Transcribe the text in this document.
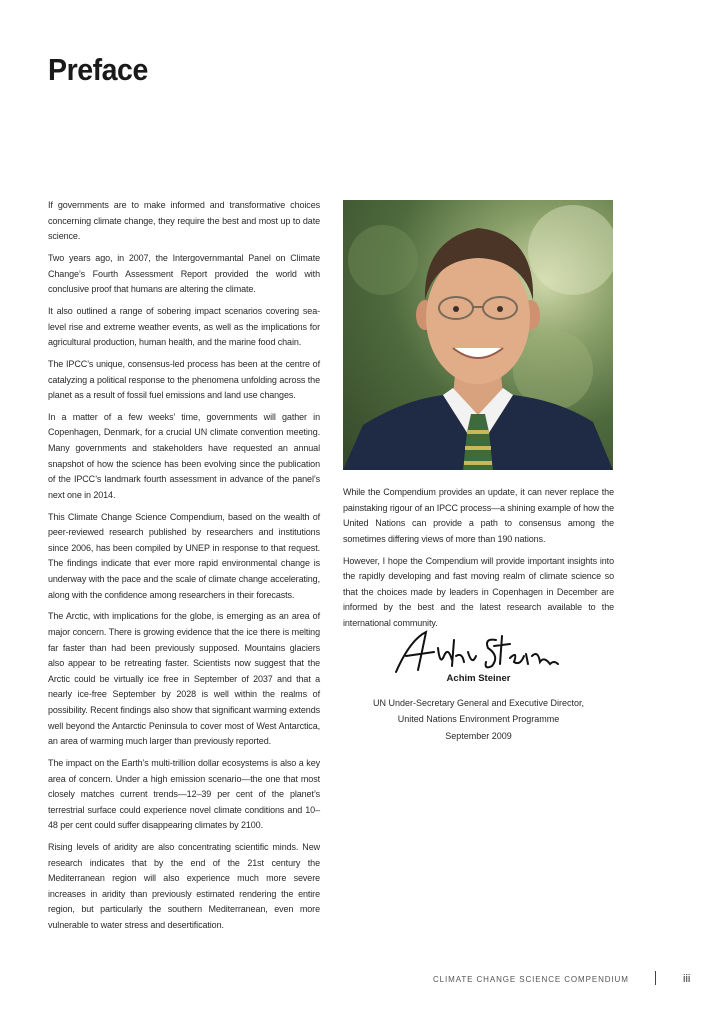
Preface

If governments are to make informed and transformative choices concerning climate change, they require the best and most up to date science.

Two years ago, in 2007, the Intergovernmantal Panel on Climate Change’s Fourth Assessment Report provided the world with conclusive proof that humans are altering the climate.

It also outlined a range of sobering impact scenarios covering sea-level rise and extreme weather events, as well as the implications for agricultural production, human health, and the marine food chain.

The IPCC’s unique, consensus-led process has been at the centre of catalyzing a political response to the phenomena unfolding across the planet as a result of fossil fuel emissions and land use changes.

In a matter of a few weeks’ time, governments will gather in Copenhagen, Denmark, for a crucial UN climate convention meeting. Many governments and stakeholders have requested an annual snapshot of how the science has been evolving since the publication of the IPCC’s landmark fourth assessment in advance of the panel’s next one in 2014.

This Climate Change Science Compendium, based on the wealth of peer-reviewed research published by researchers and institutions since 2006, has been compiled by UNEP in response to that request. The findings indicate that ever more rapid environmental change is underway with the pace and the scale of climate change accelerating, along with the confidence among researchers in their forecasts.

The Arctic, with implications for the globe, is emerging as an area of major concern. There is growing evidence that the ice there is melting far faster than had been previously supposed. Mountains glaciers also appear to be retreating faster. Scientists now suggest that the Arctic could be virtually ice free in September of 2037 and that a nearly ice-free September by 2028 is well within the realms of possibility. Recent findings also show that significant warming extends well beyond the Antarctic Peninsula to cover most of West Antarctica, an area of warming much larger than previously reported.

The impact on the Earth’s multi-trillion dollar ecosystems is also a key area of concern. Under a high emission scenario—the one that most closely matches current trends—12–39 per cent of the planet’s terrestrial surface could experience novel climate conditions and 10–48 per cent could suffer disappearing climates by 2100.

Rising levels of aridity are also concentrating scientific minds. New research indicates that by the end of the 21st century the Mediterranean region will also experience much more severe increases in aridity than previously estimated rendering the entire region, but particularly the southern Mediterranean, even more vulnerable to water stress and desertification.

While the Compendium provides an update, it can never replace the painstaking rigour of an IPCC process—a shining example of how the United Nations can provide a path to consensus among the sometimes differing views of more than 190 nations.

However, I hope the Compendium will provide important insights into the rapidly developing and fast moving realm of climate science so that the choices made by leaders in Copenhagen in December are informed by the best and the latest research available to the international community.

Achim Steiner
UN Under-Secretary General and Executive Director,
United Nations Environment Programme
September 2009
CLIMATE CHANGE SCIENCE COMPENDIUM	iii
